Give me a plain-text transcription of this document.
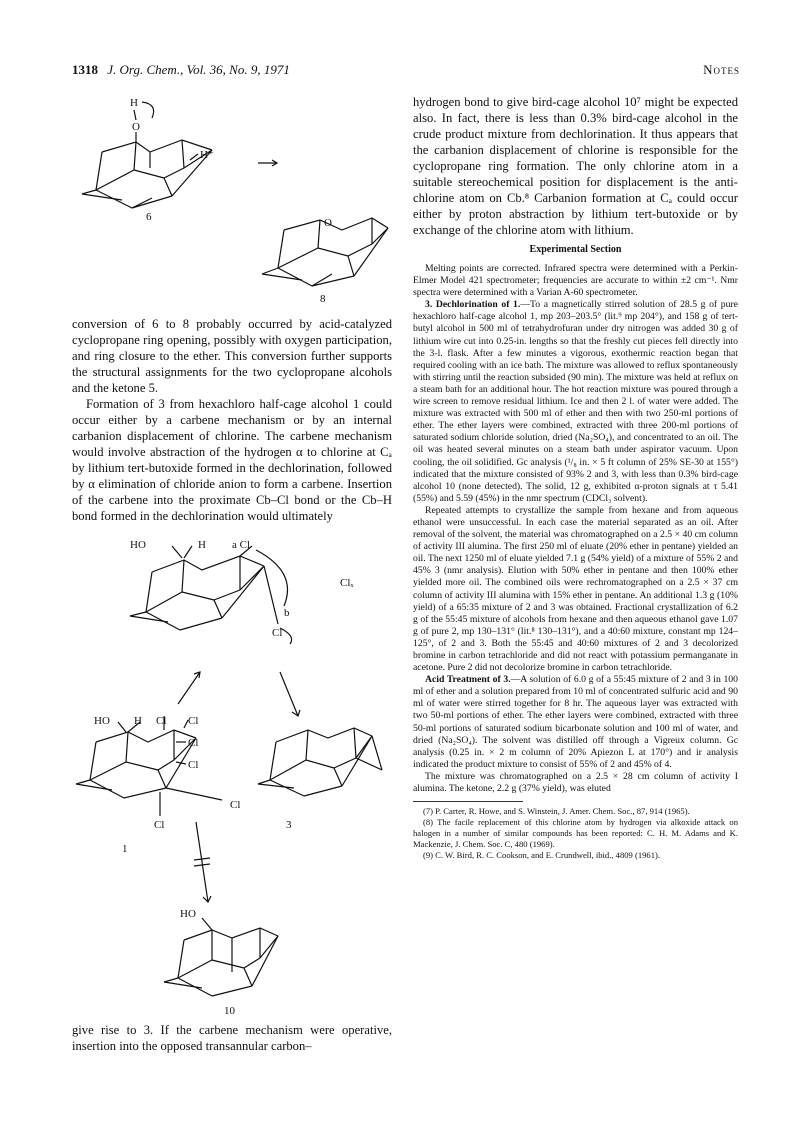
1318 J. Org. Chem., Vol. 36, No. 9, 1971	Notes
H
O
6
H⁺
O
8

conversion of 6 to 8 probably occurred by acid-catalyzed cyclopropane ring opening, possibly with oxygen participation, and ring closure to the ether. This conversion further supports the structural assignments for the two cyclopropane alcohols and the ketone 5.

Formation of 3 from hexachloro half-cage alcohol 1 could occur either by a carbene mechanism or by an internal carbanion displacement of chlorine. The carbene mechanism would involve abstraction of the hydrogen α to chlorine at Cₐ by lithium tert-butoxide formed in the dechlorination, followed by α elimination of chloride anion to form a carbene. Insertion of the carbene into the proximate Cb–Cl bond or the Cb–H bond formed in the dechlorination would ultimately

HO	H a Cl
Clₓ
b
Cl
HO H Cl Cl
Cl
Cl
Cl
Cl
1
3
HO
10

give rise to 3. If the carbene mechanism were operative, insertion into the opposed transannular carbon–

hydrogen bond to give bird-cage alcohol 10⁷ might be expected also. In fact, there is less than 0.3% bird-cage alcohol in the crude product mixture from dechlorination. It thus appears that the carbanion displacement of chlorine is responsible for the cyclopropane ring formation. The only chlorine atom in a suitable stereochemical position for displacement is the anti-chlorine atom on Cb.⁸ Carbanion formation at Cₐ could occur either by proton abstraction by lithium tert-butoxide or by exchange of the chlorine atom with lithium.

Experimental Section

Melting points are corrected. Infrared spectra were determined with a Perkin-Elmer Model 421 spectrometer; frequencies are accurate to within ±2 cm⁻¹. Nmr spectra were determined with a Varian A-60 spectrometer.

3. Dechlorination of 1.—To a magnetically stirred solution of 28.5 g of pure hexachloro half-cage alcohol 1, mp 203–203.5° (lit.⁹ mp 204°), and 158 g of tert-butyl alcohol in 500 ml of tetrahydrofuran under dry nitrogen was added 30 g of lithium wire cut into 0.25-in. lengths so that the freshly cut pieces fell directly into the 3-l. flask. After a few minutes a vigorous, exothermic reaction began that required cooling with an ice bath. The mixture was allowed to reflux spontaneously with stirring until the reaction subsided (90 min). The mixture was held at reflux on a steam bath for an additional hour. The hot reaction mixture was poured through a wire screen to remove residual lithium. Ice and then 2 l. of water were added. The mixture was extracted with 500 ml of ether and then with two 250-ml portions of ether. The ether layers were combined, extracted with three 200-ml portions of saturated sodium chloride solution, dried (Na₂SO₄), and concentrated to an oil. The oil was heated several minutes on a steam bath under aspirator vacuum. Upon cooling, the oil solidified. Gc analysis (¹/₈ in. × 5 ft column of 25% SE-30 at 155°) indicated that the mixture consisted of 93% 2 and 3, with less than 0.3% bird-cage alcohol 10 (none detected). The solid, 12 g, exhibited α-proton signals at τ 5.41 (55%) and 5.59 (45%) in the nmr spectrum (CDCl₃ solvent).

Repeated attempts to crystallize the sample from hexane and from aqueous ethanol were unsuccessful. In each case the material separated as an oil. After removal of the solvent, the material was chromatographed on a 2.5 × 40 cm column of activity III alumina. The first 250 ml of eluate (20% ether in pentane) yielded an oil. The next 1250 ml of eluate yielded 7.1 g (54% yield) of a mixture of 55% 2 and 45% 3 (nmr analysis). Elution with 50% ether in pentane and then 100% ether yielded more oil. The combined oils were rechromatographed on a 2.5 × 37 cm column of activity III alumina with 15% ether in pentane. An additional 1.3 g (10% yield) of a 65:35 mixture of 2 and 3 was obtained. Fractional crystallization of 6.2 g of the 55:45 mixture of alcohols from hexane and then aqueous ethanol gave 1.07 g of pure 2, mp 130–131° (lit.⁸ 130–131°), and a 40:60 mixture, constant mp 124–125°, of 2 and 3. Both the 55:45 and 40:60 mixtures of 2 and 3 decolorized bromine in carbon tetrachloride and did not react with potassium permanganate in acetone. Pure 2 did not decolorize bromine in carbon tetrachloride.

Acid Treatment of 3.—A solution of 6.0 g of a 55:45 mixture of 2 and 3 in 100 ml of ether and a solution prepared from 10 ml of concentrated sulfuric acid and 90 ml of water were stirred together for 8 hr. The aqueous layer was extracted with two 50-ml portions of ether. The ether layers were combined, extracted with three 50-ml portions of saturated sodium bicarbonate solution and 100 ml of water, and dried (Na₂SO₄). The solvent was distilled off through a Vigreux column. Gc analysis (0.25 in. × 2 m column of 20% Apiezon L at 170°) and ir analysis indicated the product mixture to consist of 55% of 2 and 45% of 4.

The mixture was chromatographed on a 2.5 × 28 cm column of activity I alumina. The ketone, 2.2 g (37% yield), was eluted

(7) P. Carter, R. Howe, and S. Winstein, J. Amer. Chem. Soc., 87, 914 (1965).

(8) The facile replacement of this chlorine atom by hydrogen via alkoxide attack on halogen in a number of similar compounds has been reported: C. H. M. Adams and K. Mackenzie, J. Chem. Soc. C, 480 (1969).

(9) C. W. Bird, R. C. Cookson, and E. Crundwell, ibid., 4809 (1961).
